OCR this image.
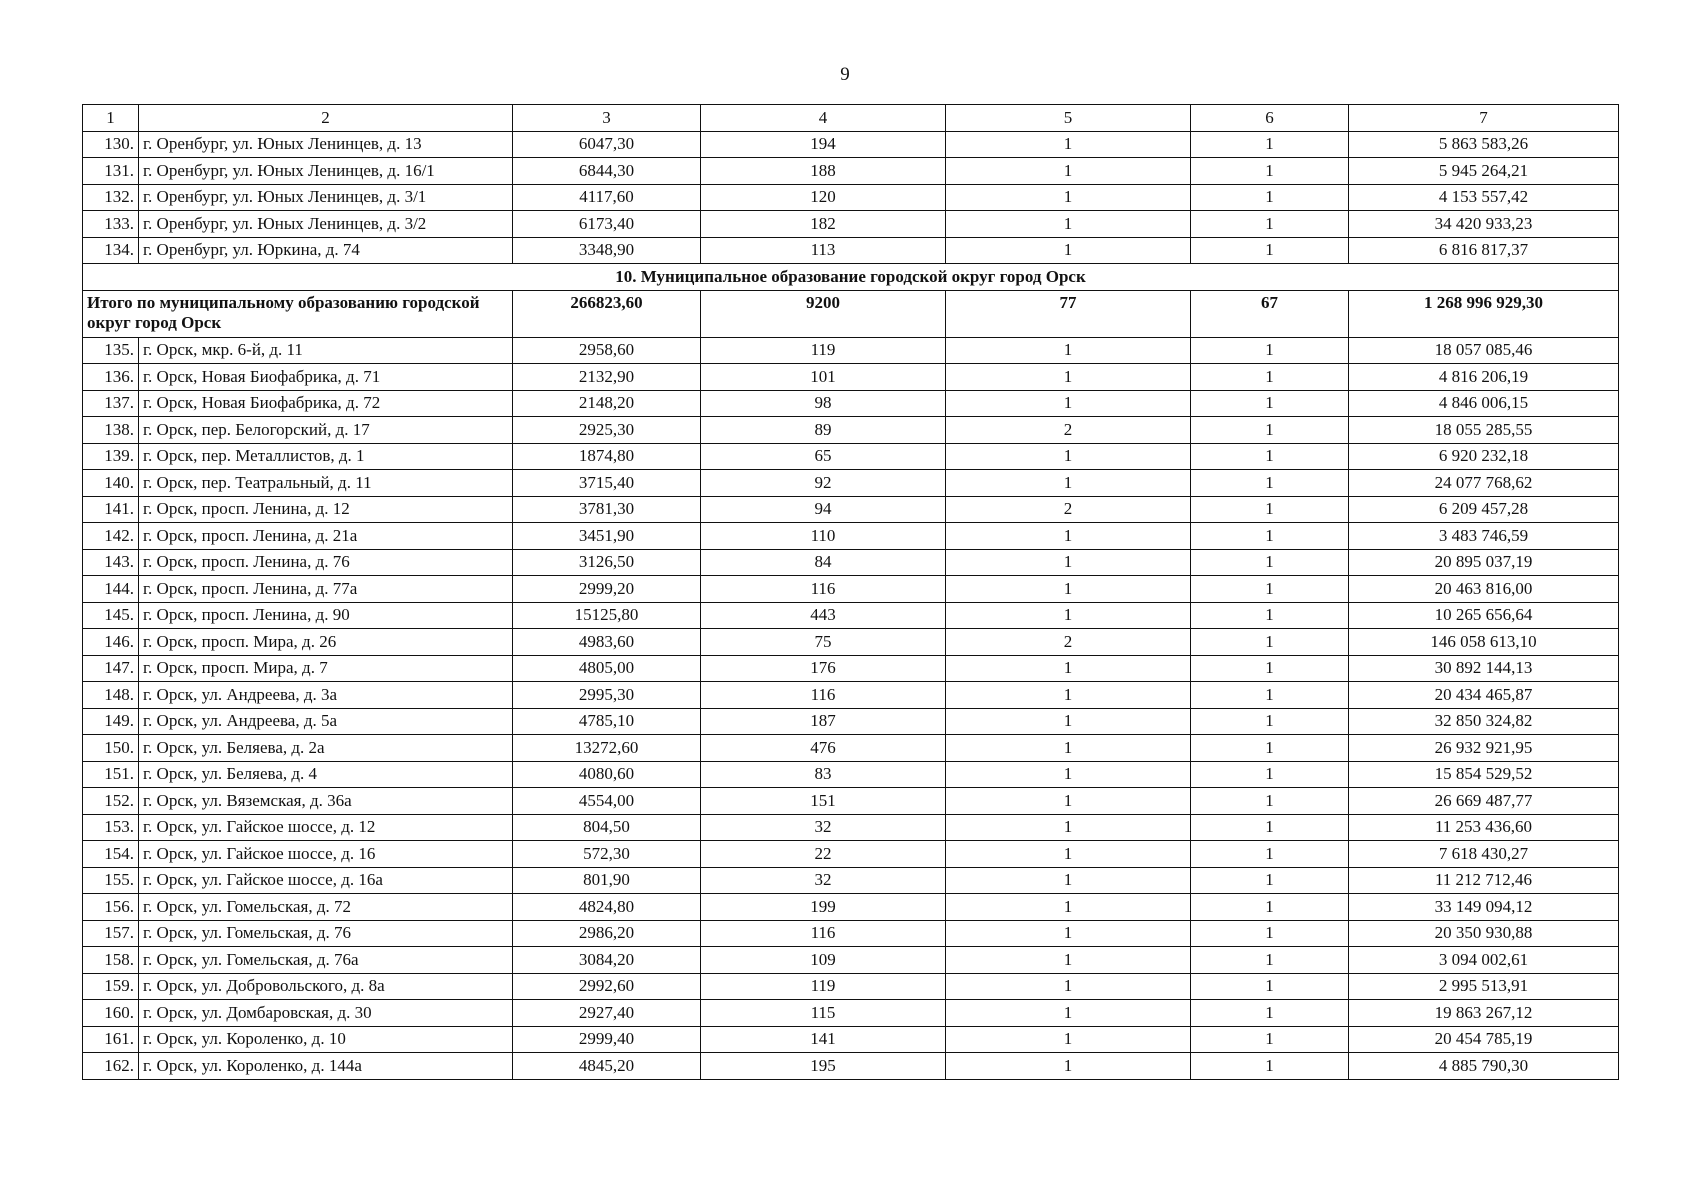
9
1	2	3	4	5	6	7
130.	г. Оренбург, ул. Юных Ленинцев, д. 13	6047,30	194	1	1	5 863 583,26
131.	г. Оренбург, ул. Юных Ленинцев, д. 16/1	6844,30	188	1	1	5 945 264,21
132.	г. Оренбург, ул. Юных Ленинцев, д. 3/1	4117,60	120	1	1	4 153 557,42
133.	г. Оренбург, ул. Юных Ленинцев, д. 3/2	6173,40	182	1	1	34 420 933,23
134.	г. Оренбург, ул. Юркина, д. 74	3348,90	113	1	1	6 816 817,37
10. Муниципальное образование городской округ город Орск						
Итого по муниципальному образованию городской округ город Орск		266823,60	9200	77	67	1 268 996 929,30
135.	г. Орск, мкр. 6-й, д. 11	2958,60	119	1	1	18 057 085,46
136.	г. Орск, Новая Биофабрика, д. 71	2132,90	101	1	1	4 816 206,19
137.	г. Орск, Новая Биофабрика, д. 72	2148,20	98	1	1	4 846 006,15
138.	г. Орск, пер. Белогорский, д. 17	2925,30	89	2	1	18 055 285,55
139.	г. Орск, пер. Металлистов, д. 1	1874,80	65	1	1	6 920 232,18
140.	г. Орск, пер. Театральный, д. 11	3715,40	92	1	1	24 077 768,62
141.	г. Орск, просп. Ленина, д. 12	3781,30	94	2	1	6 209 457,28
142.	г. Орск, просп. Ленина, д. 21а	3451,90	110	1	1	3 483 746,59
143.	г. Орск, просп. Ленина, д. 76	3126,50	84	1	1	20 895 037,19
144.	г. Орск, просп. Ленина, д. 77а	2999,20	116	1	1	20 463 816,00
145.	г. Орск, просп. Ленина, д. 90	15125,80	443	1	1	10 265 656,64
146.	г. Орск, просп. Мира, д. 26	4983,60	75	2	1	146 058 613,10
147.	г. Орск, просп. Мира, д. 7	4805,00	176	1	1	30 892 144,13
148.	г. Орск, ул. Андреева, д. 3а	2995,30	116	1	1	20 434 465,87
149.	г. Орск, ул. Андреева, д. 5а	4785,10	187	1	1	32 850 324,82
150.	г. Орск, ул. Беляева, д. 2а	13272,60	476	1	1	26 932 921,95
151.	г. Орск, ул. Беляева, д. 4	4080,60	83	1	1	15 854 529,52
152.	г. Орск, ул. Вяземская, д. 36а	4554,00	151	1	1	26 669 487,77
153.	г. Орск, ул. Гайское шоссе, д. 12	804,50	32	1	1	11 253 436,60
154.	г. Орск, ул. Гайское шоссе, д. 16	572,30	22	1	1	7 618 430,27
155.	г. Орск, ул. Гайское шоссе, д. 16а	801,90	32	1	1	11 212 712,46
156.	г. Орск, ул. Гомельская, д. 72	4824,80	199	1	1	33 149 094,12
157.	г. Орск, ул. Гомельская, д. 76	2986,20	116	1	1	20 350 930,88
158.	г. Орск, ул. Гомельская, д. 76а	3084,20	109	1	1	3 094 002,61
159.	г. Орск, ул. Добровольского, д. 8а	2992,60	119	1	1	2 995 513,91
160.	г. Орск, ул. Домбаровская, д. 30	2927,40	115	1	1	19 863 267,12
161.	г. Орск, ул. Короленко, д. 10	2999,40	141	1	1	20 454 785,19
162.	г. Орск, ул. Короленко, д. 144а	4845,20	195	1	1	4 885 790,30
